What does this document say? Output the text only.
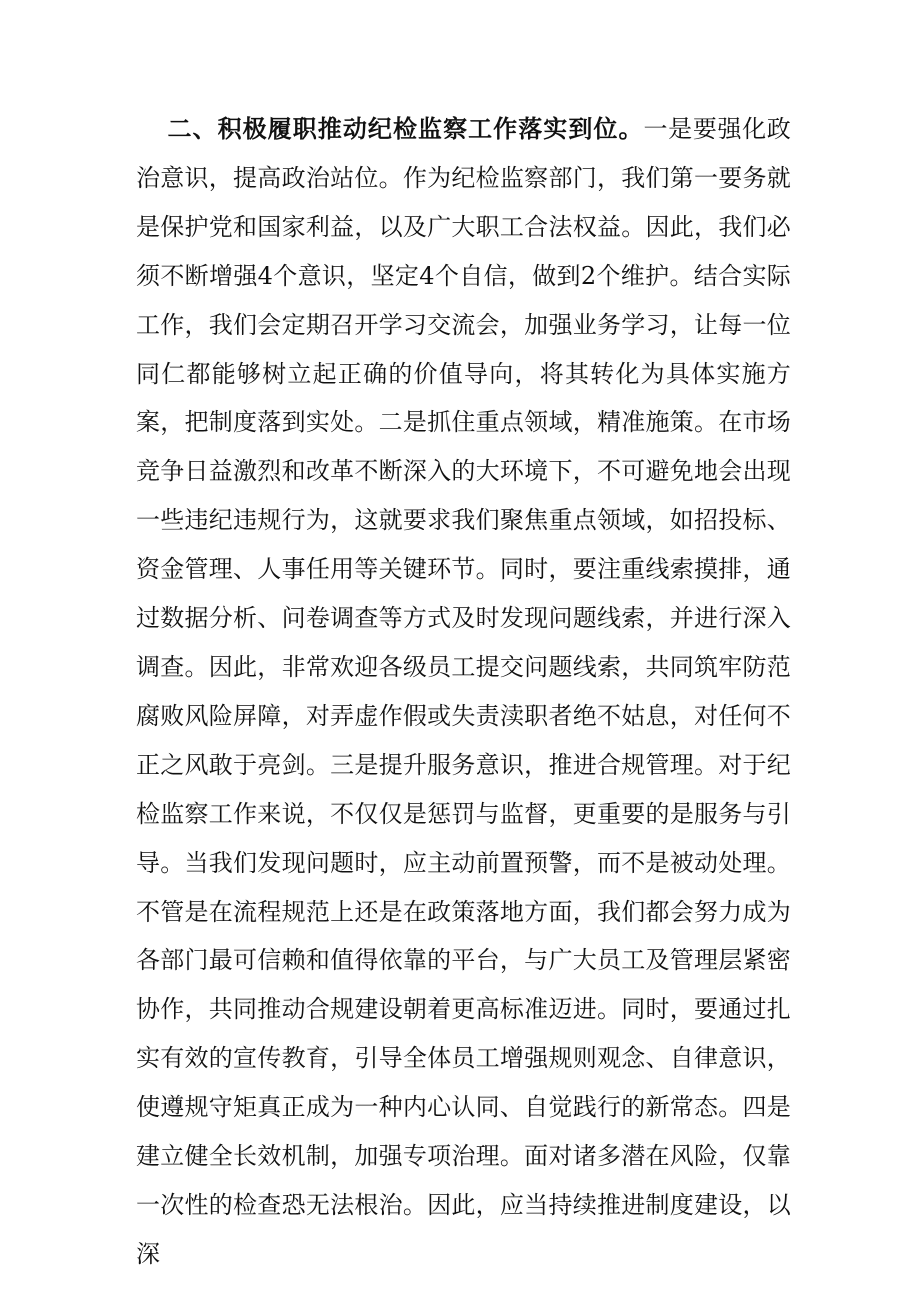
二、积极履职推动纪检监察工作落实到位。一是要强化政治意识，提高政治站位。作为纪检监察部门，我们第一要务就是保护党和国家利益，以及广大职工合法权益。因此，我们必须不断增强4个意识，坚定4个自信，做到2个维护。结合实际工作，我们会定期召开学习交流会，加强业务学习，让每一位同仁都能够树立起正确的价值导向，将其转化为具体实施方案，把制度落到实处。二是抓住重点领域，精准施策。在市场竞争日益激烈和改革不断深入的大环境下，不可避免地会出现一些违纪违规行为，这就要求我们聚焦重点领域，如招投标、资金管理、人事任用等关键环节。同时，要注重线索摸排，通过数据分析、问卷调查等方式及时发现问题线索，并进行深入调查。因此，非常欢迎各级员工提交问题线索，共同筑牢防范腐败风险屏障，对弄虚作假或失责渎职者绝不姑息，对任何不正之风敢于亮剑。三是提升服务意识，推进合规管理。对于纪检监察工作来说，不仅仅是惩罚与监督，更重要的是服务与引导。当我们发现问题时，应主动前置预警，而不是被动处理。不管是在流程规范上还是在政策落地方面，我们都会努力成为各部门最可信赖和值得依靠的平台，与广大员工及管理层紧密协作，共同推动合规建设朝着更高标准迈进。同时，要通过扎实有效的宣传教育，引导全体员工增强规则观念、自律意识，使遵规守矩真正成为一种内心认同、自觉践行的新常态。四是建立健全长效机制，加强专项治理。面对诸多潜在风险，仅靠一次性的检查恐无法根治。因此，应当持续推进制度建设，以深
